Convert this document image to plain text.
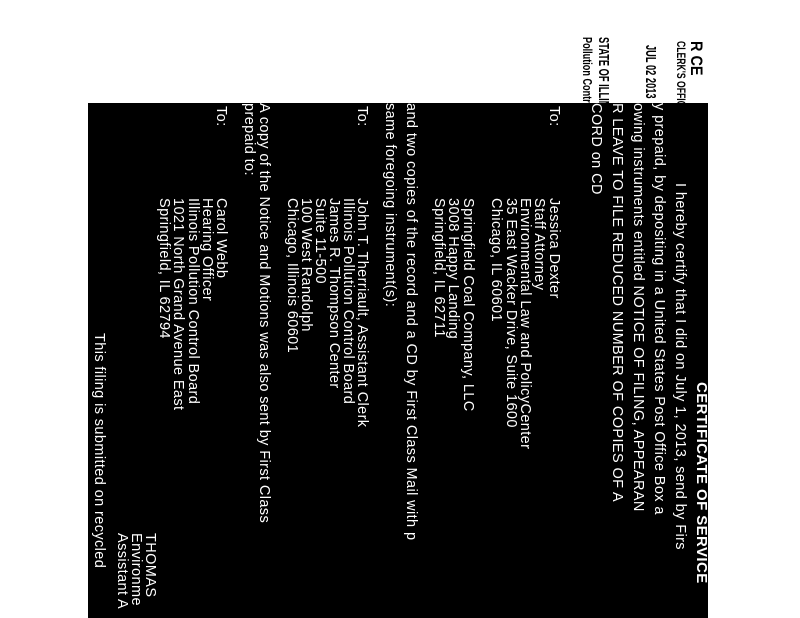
R CE
CLERK'S OFFICE
JUL 02 2013
STATE OF ILLINOIS
Pollution Control Board
CERTIFICATE OF SERVICE
I hereby certify that I did on July 1, 2013, send by Firs
y prepaid, by depositing in a United States Post Office Box a
owing instruments entitled NOTICE OF FILING, APPEARAN
R LEAVE TO FILE REDUCED NUMBER OF COPIES OF A
CORD on CD
To:
Jessica Dexter
Staff Attorney
Environmental Law and PolicyCenter
35 East Wacker Drive, Suite 1600
Chicago, IL 60601
Springfield Coal Company, LLC
3008 Happy Landing
Springfield, IL 62711
and two copies of the record and a CD by First Class Mail with p
same foregoing instrument(s):
To:
John T. Therriault, Assistant Clerk
Illinois Pollution Control Board
James R. Thompson Center
Suite 11-500
100 West Randolph
Chicago, Illinois 60601
A copy of the Notice and Motions was also sent by First Class
prepaid to:
To:
Carol Webb
Hearing Officer
Illinois Pollution Control Board
1021 North Grand Avenue East
Springfield, IL 62794
THOMAS
Environme
Assistant A
This filing is submitted on recycled
